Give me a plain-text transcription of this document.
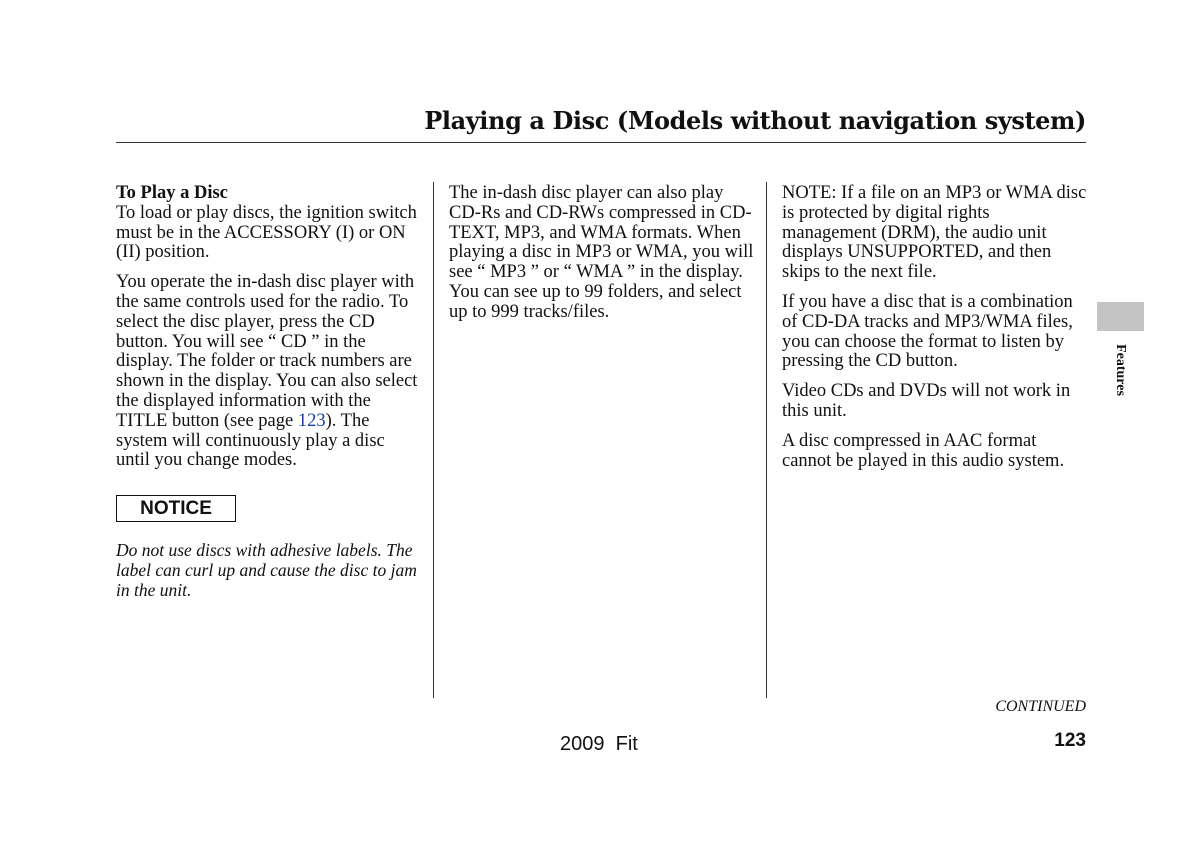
Playing a Disc (Models without navigation system)

To Play a Disc
To load or play discs, the ignition switch must be in the ACCESSORY (I) or ON (II) position.

You operate the in-dash disc player with the same controls used for the radio. To select the disc player, press the CD button. You will see “ CD ” in the display. The folder or track numbers are shown in the display. You can also select the displayed information with the TITLE button (see page 123). The system will continuously play a disc until you change modes.

NOTICE
Do not use discs with adhesive labels. The label can curl up and cause the disc to jam in the unit.

The in-dash disc player can also play CD-Rs and CD-RWs compressed in CD-TEXT, MP3, and WMA formats. When playing a disc in MP3 or WMA, you will see “ MP3 ” or “ WMA ” in the display. You can see up to 99 folders, and select up to 999 tracks/files.

NOTE: If a file on an MP3 or WMA disc is protected by digital rights management (DRM), the audio unit displays UNSUPPORTED, and then skips to the next file.

If you have a disc that is a combination of CD-DA tracks and MP3/WMA files, you can choose the format to listen by pressing the CD button.

Video CDs and DVDs will not work in this unit.

A disc compressed in AAC format cannot be played in this audio system.

Features
CONTINUED
2009  Fit	123
